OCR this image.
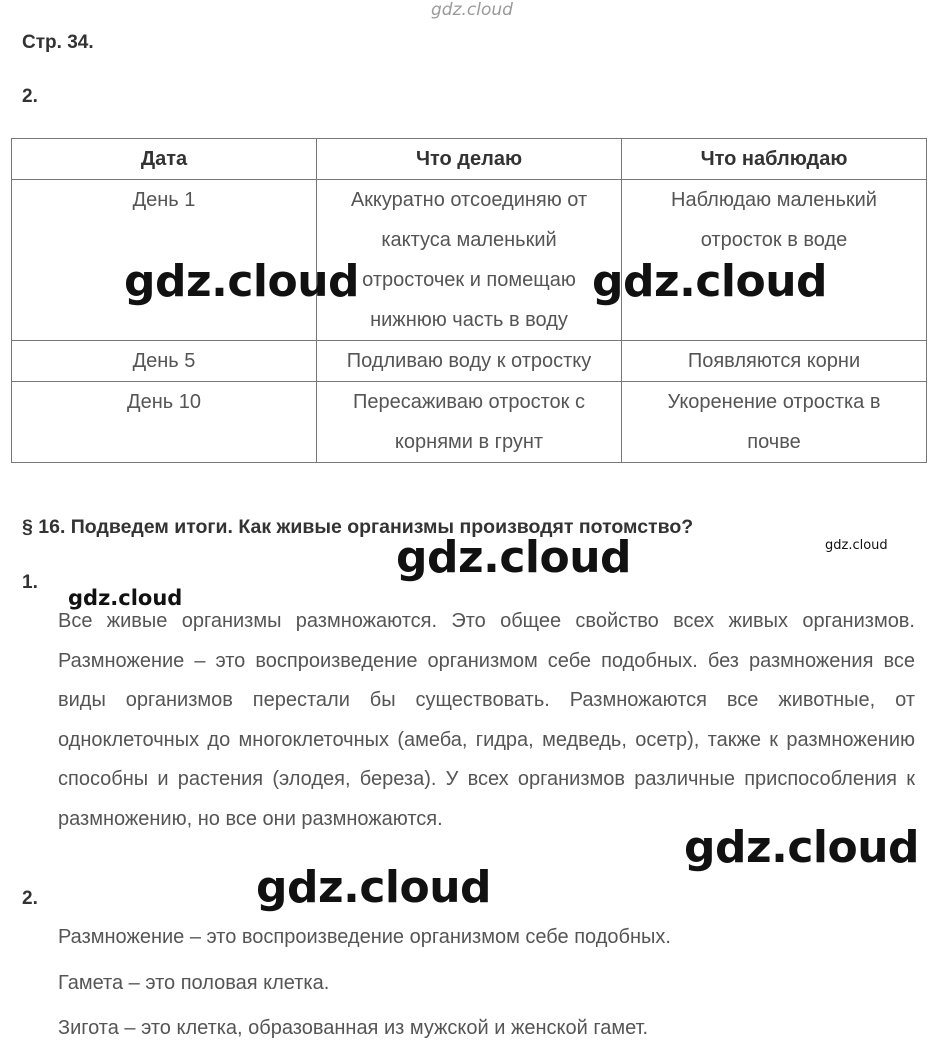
gdz.cloud
Стр. 34.
2.
Дата	Что делаю	Что наблюдаю
День 1	Аккуратно отсоединяю от кактуса маленький отросточек и помещаю нижнюю часть в воду	Наблюдаю маленький отросток в воде
День 5	Подливаю воду к отростку	Появляются корни
День 10	Пересаживаю отросток с корнями в грунт	Укоренение отростка в почве
§ 16. Подведем итоги. Как живые организмы производят потомство?
1.
Все живые организмы размножаются. Это общее свойство всех живых организмов. Размножение – это воспроизведение организмом себе подобных. без размножения все виды организмов перестали бы существовать. Размножаются все животные, от одноклеточных до многоклеточных (амеба, гидра, медведь, осетр), также к размножению способны и растения (элодея, береза). У всех организмов различные приспособления к размножению, но все они размножаются.
2.
Размножение – это воспроизведение организмом себе подобных.
Гамета – это половая клетка.
Зигота – это клетка, образованная из мужской и женской гамет.
gdz.cloud	gdz.cloud
gdz.cloud	gdz.cloud
gdz.cloud
gdz.cloud
gdz.cloud
